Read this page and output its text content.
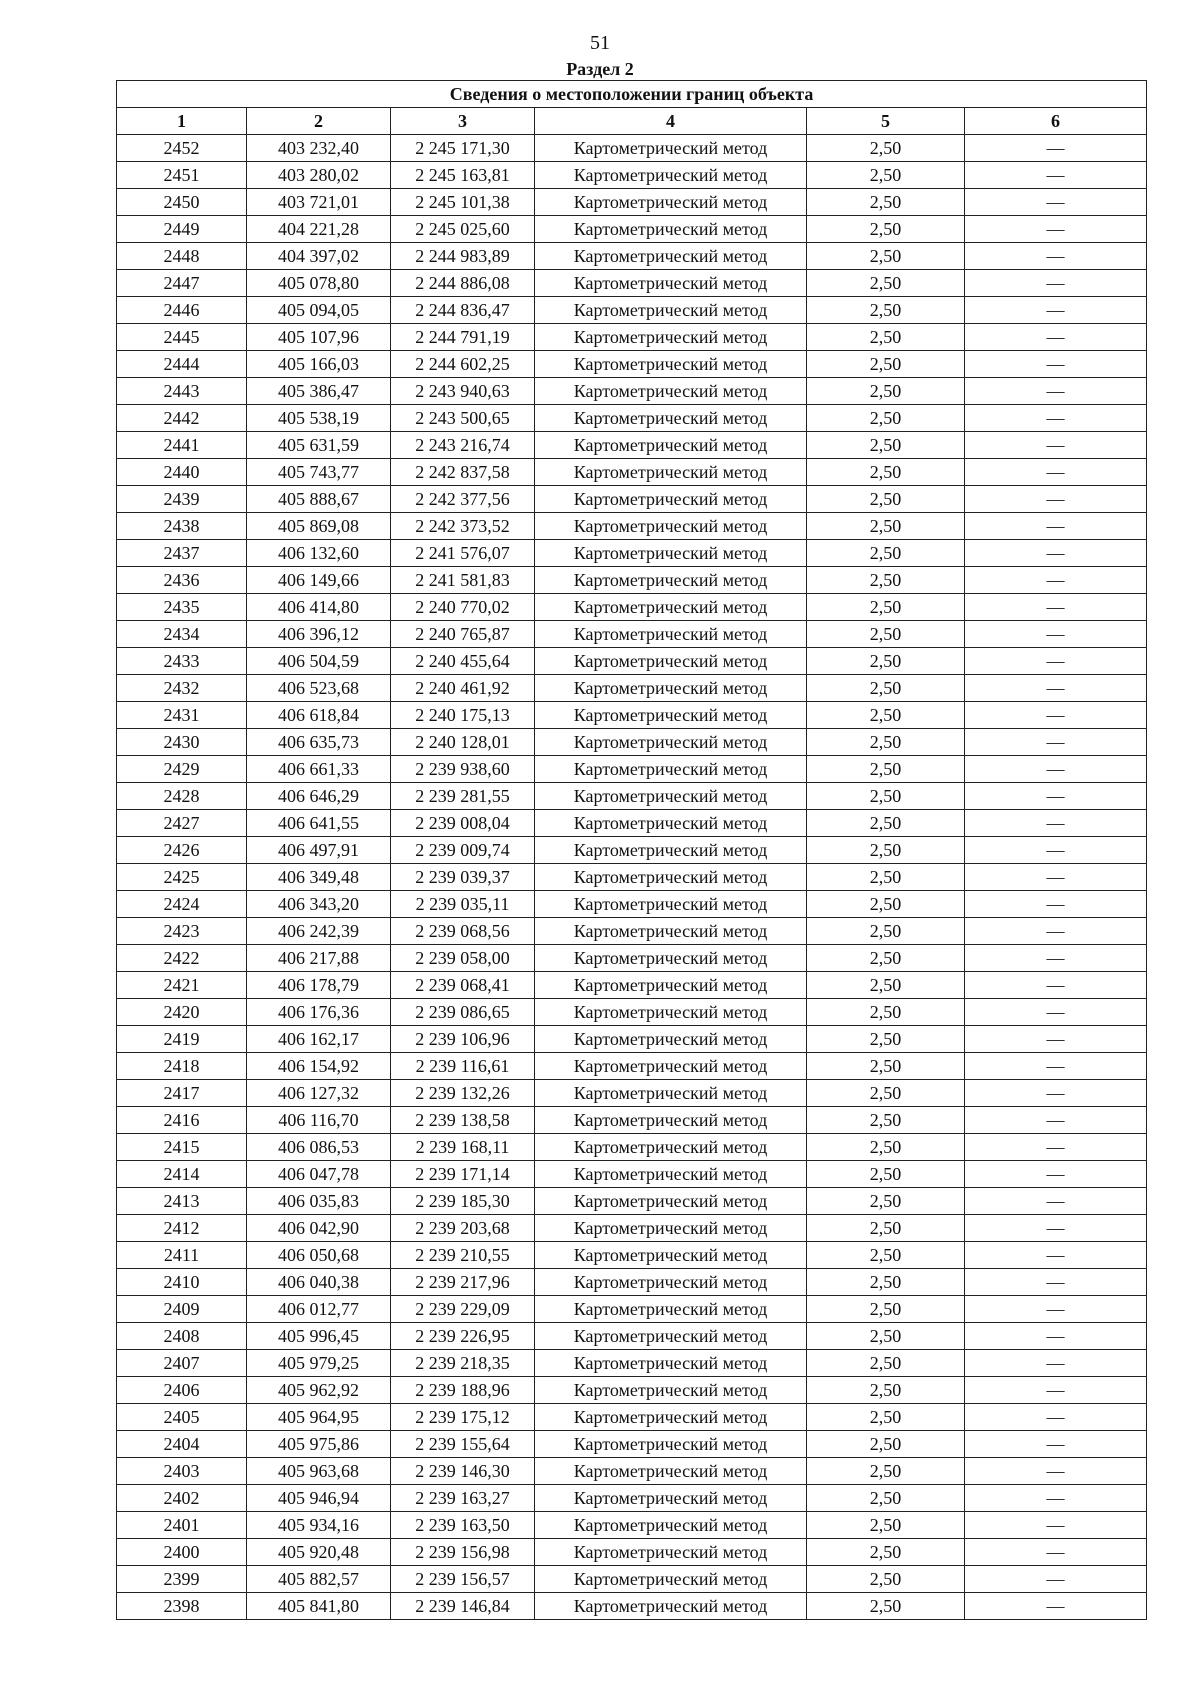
51
Раздел 2
Сведения о местоположении границ объекта					
1	2	3	4	5	6
2452	403 232,40	2 245 171,30	Картометрический метод	2,50	—
2451	403 280,02	2 245 163,81	Картометрический метод	2,50	—
2450	403 721,01	2 245 101,38	Картометрический метод	2,50	—
2449	404 221,28	2 245 025,60	Картометрический метод	2,50	—
2448	404 397,02	2 244 983,89	Картометрический метод	2,50	—
2447	405 078,80	2 244 886,08	Картометрический метод	2,50	—
2446	405 094,05	2 244 836,47	Картометрический метод	2,50	—
2445	405 107,96	2 244 791,19	Картометрический метод	2,50	—
2444	405 166,03	2 244 602,25	Картометрический метод	2,50	—
2443	405 386,47	2 243 940,63	Картометрический метод	2,50	—
2442	405 538,19	2 243 500,65	Картометрический метод	2,50	—
2441	405 631,59	2 243 216,74	Картометрический метод	2,50	—
2440	405 743,77	2 242 837,58	Картометрический метод	2,50	—
2439	405 888,67	2 242 377,56	Картометрический метод	2,50	—
2438	405 869,08	2 242 373,52	Картометрический метод	2,50	—
2437	406 132,60	2 241 576,07	Картометрический метод	2,50	—
2436	406 149,66	2 241 581,83	Картометрический метод	2,50	—
2435	406 414,80	2 240 770,02	Картометрический метод	2,50	—
2434	406 396,12	2 240 765,87	Картометрический метод	2,50	—
2433	406 504,59	2 240 455,64	Картометрический метод	2,50	—
2432	406 523,68	2 240 461,92	Картометрический метод	2,50	—
2431	406 618,84	2 240 175,13	Картометрический метод	2,50	—
2430	406 635,73	2 240 128,01	Картометрический метод	2,50	—
2429	406 661,33	2 239 938,60	Картометрический метод	2,50	—
2428	406 646,29	2 239 281,55	Картометрический метод	2,50	—
2427	406 641,55	2 239 008,04	Картометрический метод	2,50	—
2426	406 497,91	2 239 009,74	Картометрический метод	2,50	—
2425	406 349,48	2 239 039,37	Картометрический метод	2,50	—
2424	406 343,20	2 239 035,11	Картометрический метод	2,50	—
2423	406 242,39	2 239 068,56	Картометрический метод	2,50	—
2422	406 217,88	2 239 058,00	Картометрический метод	2,50	—
2421	406 178,79	2 239 068,41	Картометрический метод	2,50	—
2420	406 176,36	2 239 086,65	Картометрический метод	2,50	—
2419	406 162,17	2 239 106,96	Картометрический метод	2,50	—
2418	406 154,92	2 239 116,61	Картометрический метод	2,50	—
2417	406 127,32	2 239 132,26	Картометрический метод	2,50	—
2416	406 116,70	2 239 138,58	Картометрический метод	2,50	—
2415	406 086,53	2 239 168,11	Картометрический метод	2,50	—
2414	406 047,78	2 239 171,14	Картометрический метод	2,50	—
2413	406 035,83	2 239 185,30	Картометрический метод	2,50	—
2412	406 042,90	2 239 203,68	Картометрический метод	2,50	—
2411	406 050,68	2 239 210,55	Картометрический метод	2,50	—
2410	406 040,38	2 239 217,96	Картометрический метод	2,50	—
2409	406 012,77	2 239 229,09	Картометрический метод	2,50	—
2408	405 996,45	2 239 226,95	Картометрический метод	2,50	—
2407	405 979,25	2 239 218,35	Картометрический метод	2,50	—
2406	405 962,92	2 239 188,96	Картометрический метод	2,50	—
2405	405 964,95	2 239 175,12	Картометрический метод	2,50	—
2404	405 975,86	2 239 155,64	Картометрический метод	2,50	—
2403	405 963,68	2 239 146,30	Картометрический метод	2,50	—
2402	405 946,94	2 239 163,27	Картометрический метод	2,50	—
2401	405 934,16	2 239 163,50	Картометрический метод	2,50	—
2400	405 920,48	2 239 156,98	Картометрический метод	2,50	—
2399	405 882,57	2 239 156,57	Картометрический метод	2,50	—
2398	405 841,80	2 239 146,84	Картометрический метод	2,50	—
